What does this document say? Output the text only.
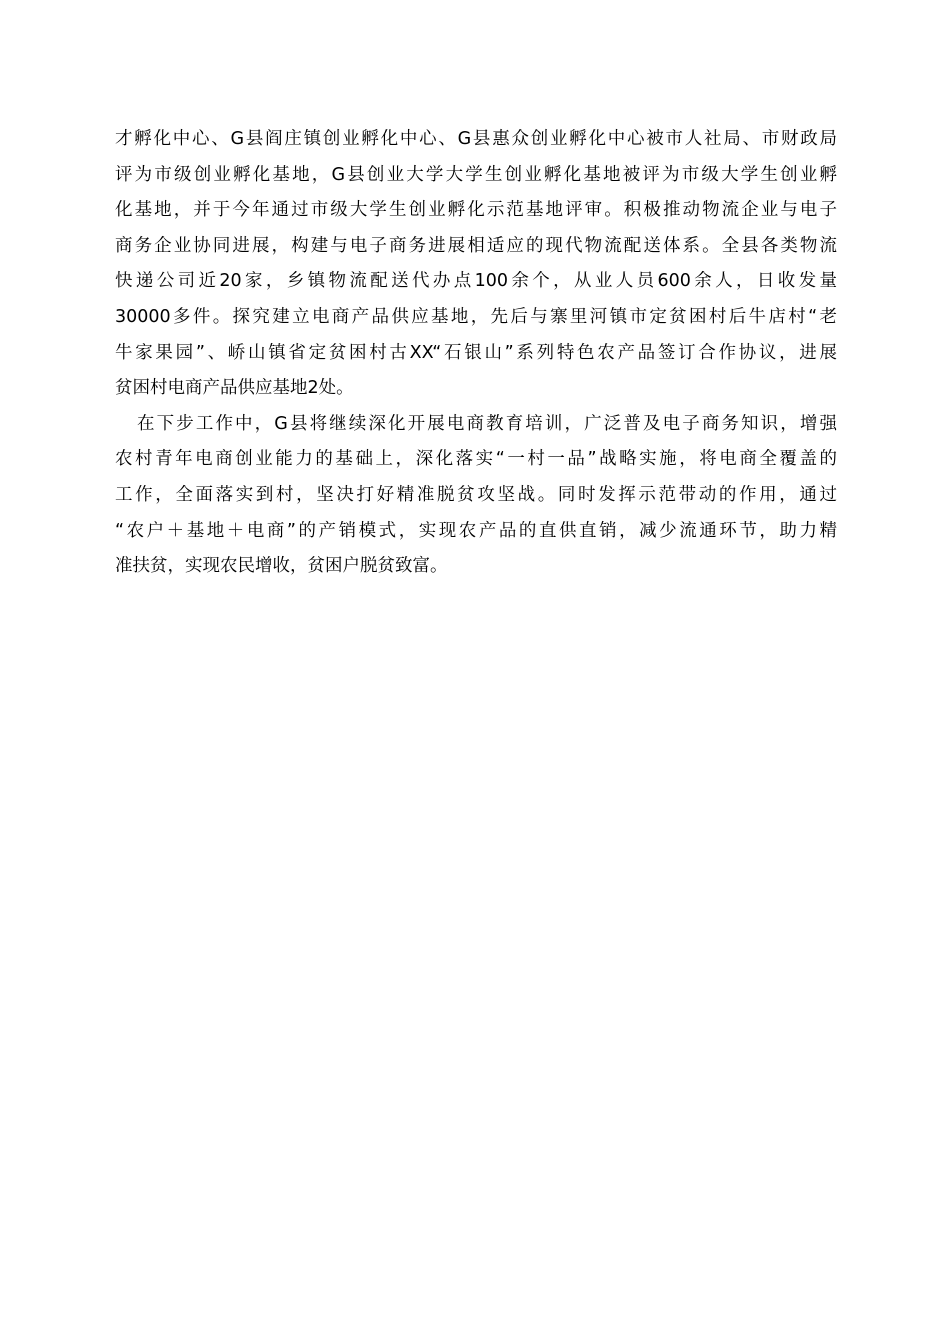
才孵化中心、G县阎庄镇创业孵化中心、G县惠众创业孵化中心被市人社局、市财政局
评为市级创业孵化基地，G县创业大学大学生创业孵化基地被评为市级大学生创业孵
化基地，并于今年通过市级大学生创业孵化示范基地评审。积极推动物流企业与电子
商务企业协同进展，构建与电子商务进展相适应的现代物流配送体系。全县各类物流
快递公司近20家，乡镇物流配送代办点100余个，从业人员600余人，日收发量
30000多件。探究建立电商产品供应基地，先后与寨里河镇市定贫困村后牛店村“老
牛家果园”、峤山镇省定贫困村古XX“石银山”系列特色农产品签订合作协议，进展
贫困村电商产品供应基地2处。
在下步工作中，G县将继续深化开展电商教育培训，广泛普及电子商务知识，增强
农村青年电商创业能力的基础上，深化落实“一村一品”战略实施，将电商全覆盖的
工作，全面落实到村，坚决打好精准脱贫攻坚战。同时发挥示范带动的作用，通过
“农户＋基地＋电商”的产销模式，实现农产品的直供直销，减少流通环节，助力精
准扶贫，实现农民增收，贫困户脱贫致富。
